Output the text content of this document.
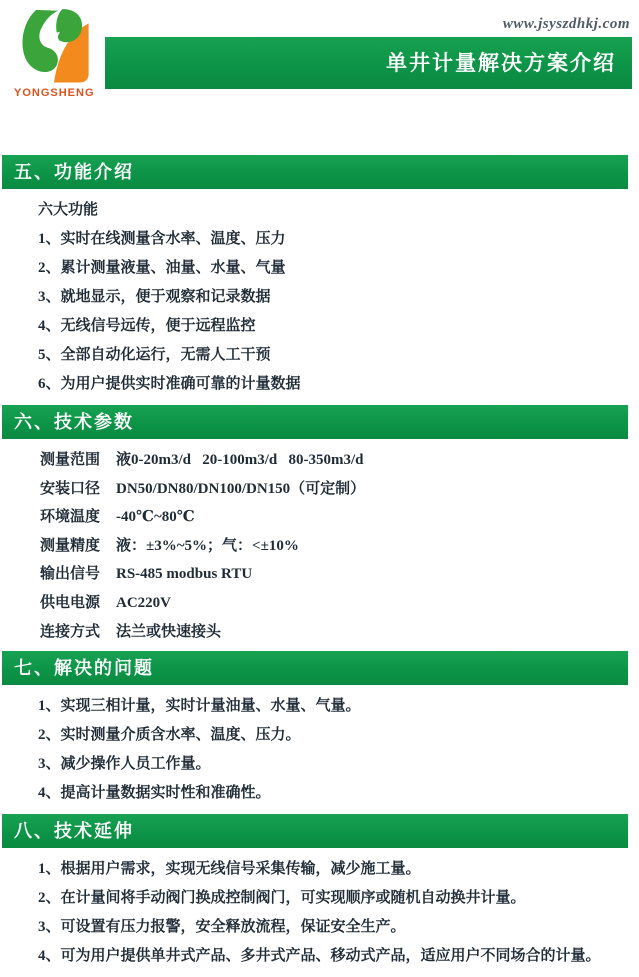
YONGSHENG
www.jsyszdhkj.com
单井计量解决方案介绍
五、功能介绍
六大功能
1、实时在线测量含水率、温度、压力
2、累计测量液量、油量、水量、气量
3、就地显示，便于观察和记录数据
4、无线信号远传，便于远程监控
5、全部自动化运行，无需人工干预
6、为用户提供实时准确可靠的计量数据
六、技术参数
测量范围	液0-20m3/d   20-100m3/d   80-350m3/d
安装口径	DN50/DN80/DN100/DN150（可定制）
环境温度	-40℃~80℃
测量精度	液：±3%~5%；气：<±10%
输出信号	RS-485 modbus RTU
供电电源	AC220V
连接方式	法兰或快速接头
七、解决的问题
1、实现三相计量，实时计量油量、水量、气量。
2、实时测量介质含水率、温度、压力。
3、减少操作人员工作量。
4、提高计量数据实时性和准确性。
八、技术延伸
1、根据用户需求，实现无线信号采集传输，减少施工量。
2、在计量间将手动阀门换成控制阀门，可实现顺序或随机自动换井计量。
3、可设置有压力报警，安全释放流程，保证安全生产。
4、可为用户提供单井式产品、多井式产品、移动式产品，适应用户不同场合的计量。
